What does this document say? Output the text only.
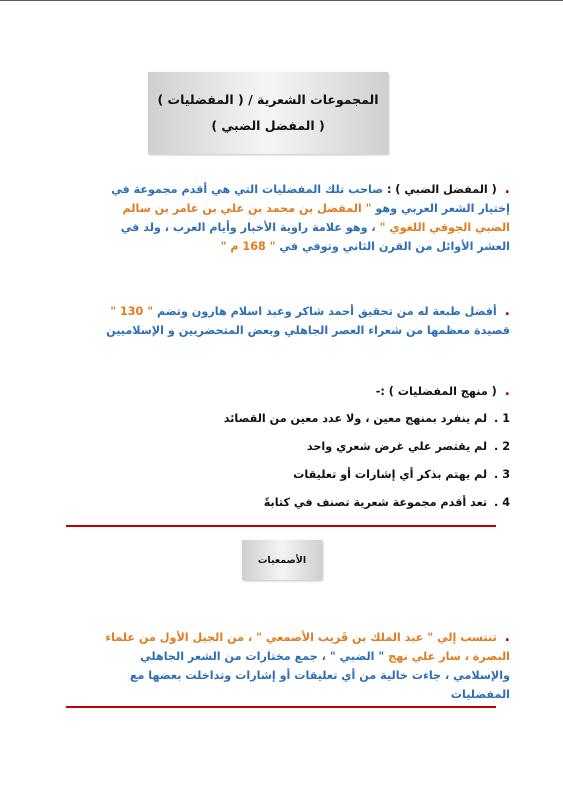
المجموعات الشعرية / ( المفضليات )
( المفضل الضبي )
. ( المفضل الضبي ) : صاحب تلك المفضليات التي هي أقدم مجموعة في إختيار الشعر العربي وهو " المفضل بن محمد بن علي بن عامر بن سالم الضبي الجوفي اللغوي " ، وهو علامة راوية الأخبار وأيام العرب ، ولد في العشر الأوائل من القرن الثاني وتوفي في " 168 م "
. أفضل طبعة له من تحقيق أحمد شاكر وعبد اسلام هارون وتضم " 130 " قصيدة معظمها من شعراء العصر الجاهلي وبعض المتحضريين و الإسلاميين
. ( منهج المفضليات ) :-
1 . لم ينفرد بمنهج معين ، ولا عدد معين من القصائد
2 . لم يقتصر علي غرض شعري واحد
3 . لم يهتم بذكر أي إشارات أو تعليقات
4 . تعد أقدم مجموعة شعرية تصنف في كتابةً
الأصمعيات
. تنتسب إلي " عبد الملك بن قَريب الأصمعي " ، من الجيل الأول من علماء البصرة ، سار علي نهج " الضبي " ، جمع مختارات من الشعر الجاهلي والإسلامي ، جاءت خالية من أي تعليقات أو إشارات وتداخلت بعضها مع المفضليات
